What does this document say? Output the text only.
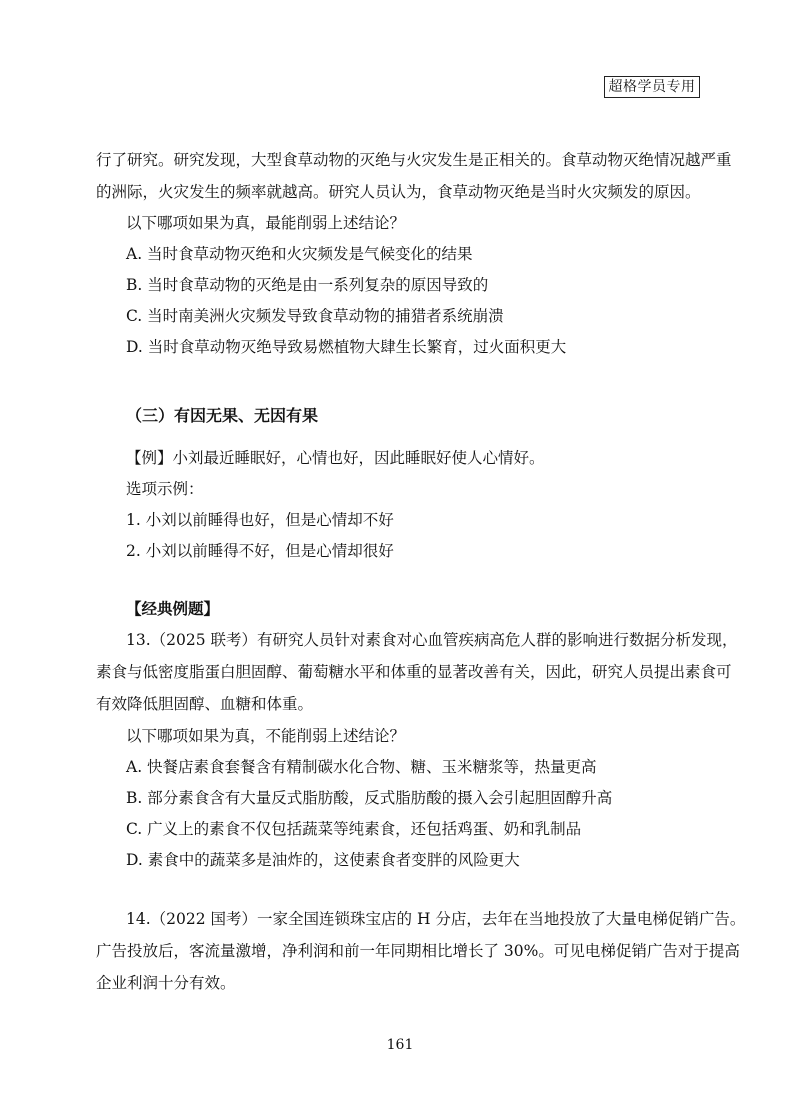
超格学员专用
行了研究。研究发现，大型食草动物的灭绝与火灾发生是正相关的。食草动物灭绝情况越严重
的洲际，火灾发生的频率就越高。研究人员认为，食草动物灭绝是当时火灾频发的原因。
以下哪项如果为真，最能削弱上述结论？
A. 当时食草动物灭绝和火灾频发是气候变化的结果
B. 当时食草动物的灭绝是由一系列复杂的原因导致的
C. 当时南美洲火灾频发导致食草动物的捕猎者系统崩溃
D. 当时食草动物灭绝导致易燃植物大肆生长繁育，过火面积更大
（三）有因无果、无因有果
【例】小刘最近睡眠好，心情也好，因此睡眠好使人心情好。
选项示例：
1. 小刘以前睡得也好，但是心情却不好
2. 小刘以前睡得不好，但是心情却很好
【经典例题】
13.（2025 联考）有研究人员针对素食对心血管疾病高危人群的影响进行数据分析发现，
素食与低密度脂蛋白胆固醇、葡萄糖水平和体重的显著改善有关，因此，研究人员提出素食可
有效降低胆固醇、血糖和体重。
以下哪项如果为真，不能削弱上述结论？
A. 快餐店素食套餐含有精制碳水化合物、糖、玉米糖浆等，热量更高
B. 部分素食含有大量反式脂肪酸，反式脂肪酸的摄入会引起胆固醇升高
C. 广义上的素食不仅包括蔬菜等纯素食，还包括鸡蛋、奶和乳制品
D. 素食中的蔬菜多是油炸的，这使素食者变胖的风险更大
14.（2022 国考）一家全国连锁珠宝店的 H 分店，去年在当地投放了大量电梯促销广告。
广告投放后，客流量激增，净利润和前一年同期相比增长了 30%。可见电梯促销广告对于提高
企业利润十分有效。
161
